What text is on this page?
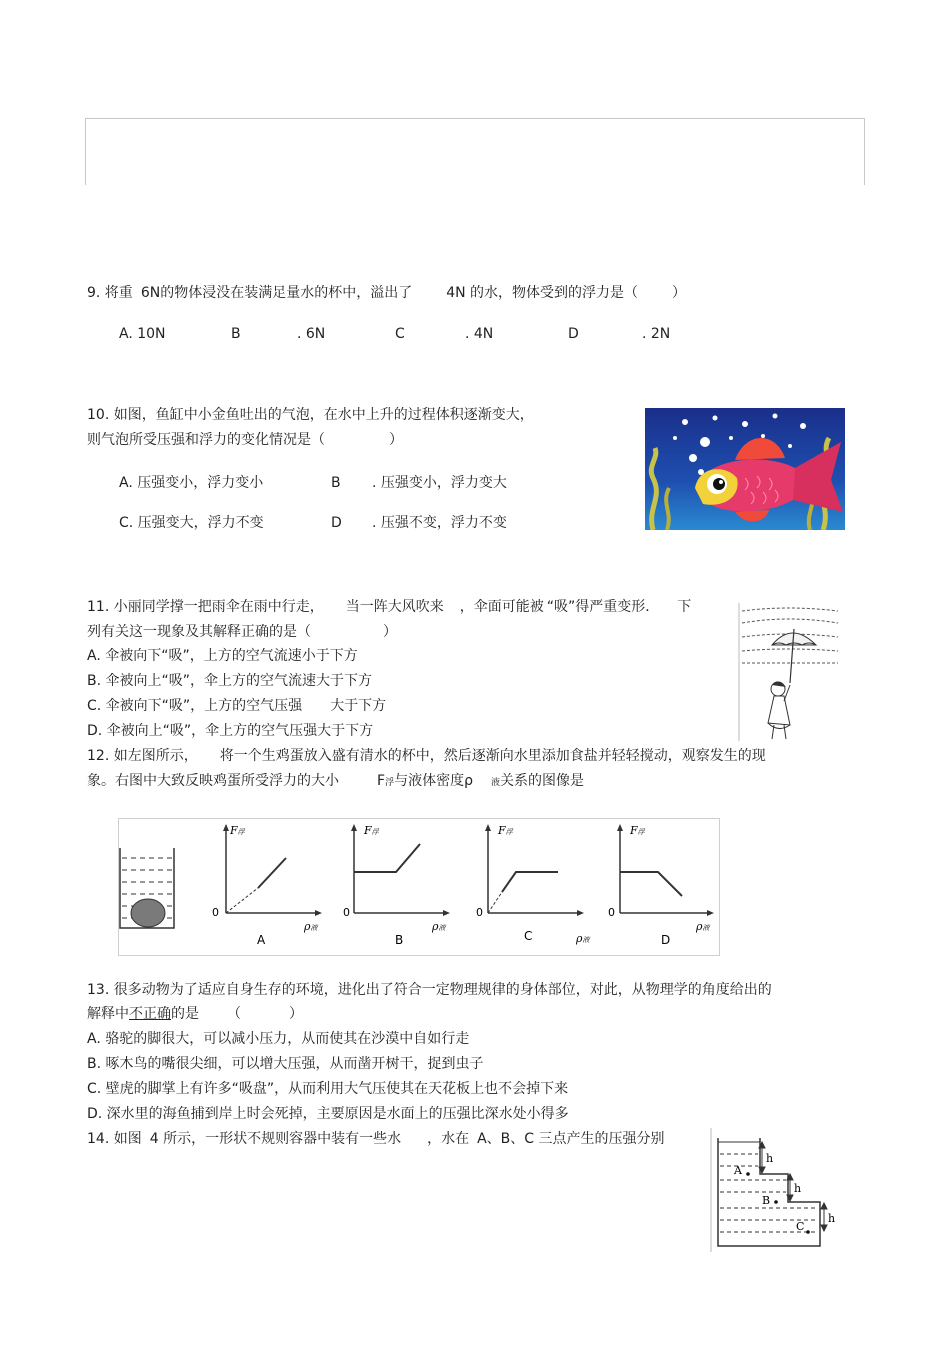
9. 将重 6N的物体浸没在装满足量水的杯中，溢出了 4N 的水，物体受到的浮力是（ ）
A. 10N	B	. 6N	C	. 4N	D	. 2N
10. 如图，鱼缸中小金鱼吐出的气泡，在水中上升的过程体积逐渐变大，
则气泡所受压强和浮力的变化情况是（	）
A. 压强变小，浮力变小	B . 压强变小，浮力变大
C. 压强变大，浮力不变	D . 压强不变，浮力不变
11. 小丽同学撑一把雨伞在雨中行走， 当一阵大风吹来 ，伞面可能被 “吸”得严重变形． 下
列有关这一现象及其解释正确的是（	）
A. 伞被向下“吸”，上方的空气流速小于下方
B. 伞被向上“吸”，伞上方的空气流速大于下方
C. 伞被向下“吸”，上方的空气压强 大于下方
D. 伞被向上“吸”，伞上方的空气压强大于下方
12. 如左图所示， 将一个生鸡蛋放入盛有清水的杯中，然后逐渐向水里添加食盐并轻轻搅动，观察发生的现
象。右图中大致反映鸡蛋所受浮力的大小	F浮与液体密度ρ 液关系的图像是
F浮
0
ρ液
A
F浮
0
ρ液
B
F浮
0
ρ液
C
F浮
0
ρ液
D
13. 很多动物为了适应自身生存的环境，进化出了符合一定物理规律的身体部位，对此，从物理学的角度给出的
解释中不正确的是 （	）
A. 骆驼的脚很大，可以减小压力，从而使其在沙漠中自如行走
B. 啄木鸟的嘴很尖细，可以增大压强，从而凿开树干，捉到虫子
C. 壁虎的脚掌上有许多“吸盘”，从而利用大气压使其在天花板上也不会掉下来
D. 深水里的海鱼捕到岸上时会死掉，主要原因是水面上的压强比深水处小得多
14. 如图 4 所示，一形状不规则容器中装有一些水 ，水在 A、B、C 三点产生的压强分别
A
B
C
h
h
h
